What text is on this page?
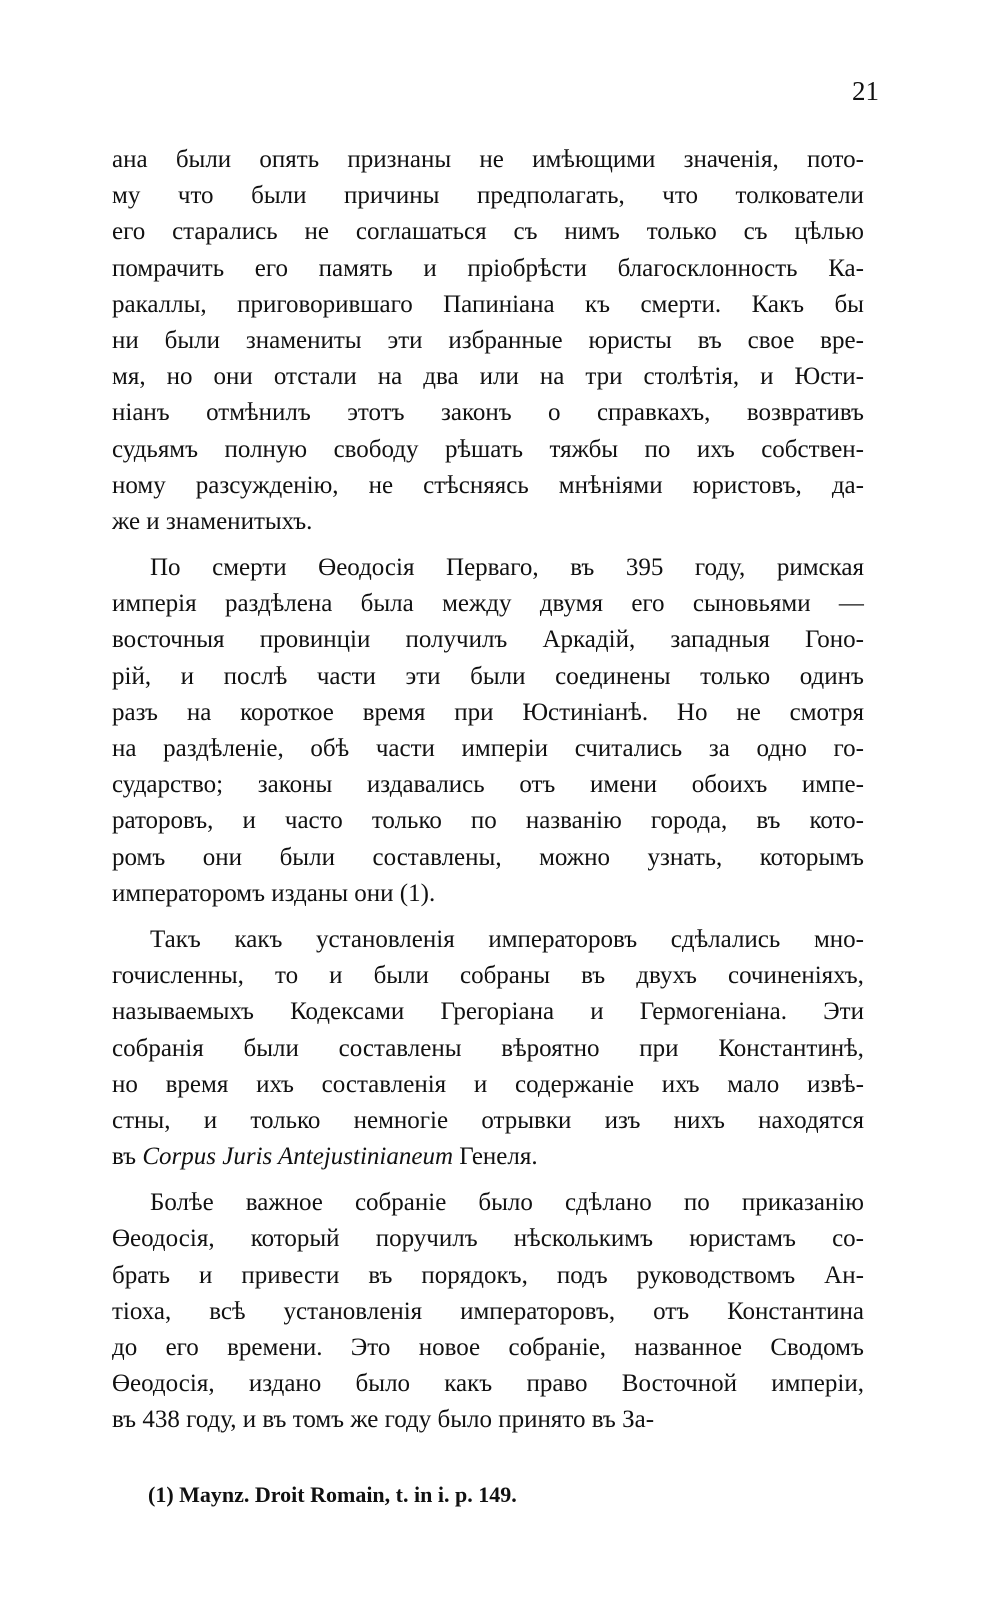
21
ана были опять признаны не имѣющими значенія, пото-
му что были причины предполагать, что толкователи
его старались не соглашаться съ нимъ только съ цѣлью
помрачить его память и пріобрѣсти благосклонность Ка-
ракаллы, приговорившаго Папиніана къ смерти. Какъ бы
ни были знамениты эти избранные юристы въ свое вре-
мя, но они отстали на два или на три столѣтія, и Юсти-
ніанъ отмѣнилъ этотъ законъ о справкахъ, возвративъ
судьямъ полную свободу рѣшать тяжбы по ихъ собствен-
ному разсужденію, не стѣсняясь мнѣніями юристовъ, да-
же и знаменитыхъ.
По смерти Өеодосія Перваго, въ 395 году, римская
имперія раздѣлена была между двумя его сыновьями —
восточныя провинціи получилъ Аркадій, западныя Гоно-
рій, и послѣ части эти были соединены только одинъ
разъ на короткое время при Юстиніанѣ. Но не смотря
на раздѣленіе, обѣ части имперіи считались за одно го-
сударство; законы издавались отъ имени обоихъ импе-
раторовъ, и часто только по названію города, въ кото-
ромъ они были составлены, можно узнать, которымъ
императоромъ изданы они (1).
Такъ какъ установленія императоровъ сдѣлались мно-
гочисленны, то и были собраны въ двухъ сочиненіяхъ,
называемыхъ Кодексами Грегоріана и Гермогеніана. Эти
собранія были составлены вѣроятно при Константинѣ,
но время ихъ составленія и содержаніе ихъ мало извѣ-
стны, и только немногіе отрывки изъ нихъ находятся
въ Corpus Juris Antejustinianeum Генеля.
Болѣе важное собраніе было сдѣлано по приказанію
Өеодосія, который поручилъ нѣсколькимъ юристамъ со-
брать и привести въ порядокъ, подъ руководствомъ Ан-
тіоха, всѣ установленія императоровъ, отъ Константина
до его времени. Это новое собраніе, названное Сводомъ
Өеодосія, издано было какъ право Восточной имперіи,
въ 438 году, и въ томъ же году было принято въ За-
(1) Maynz. Droit Romain, t. in i. p. 149.
